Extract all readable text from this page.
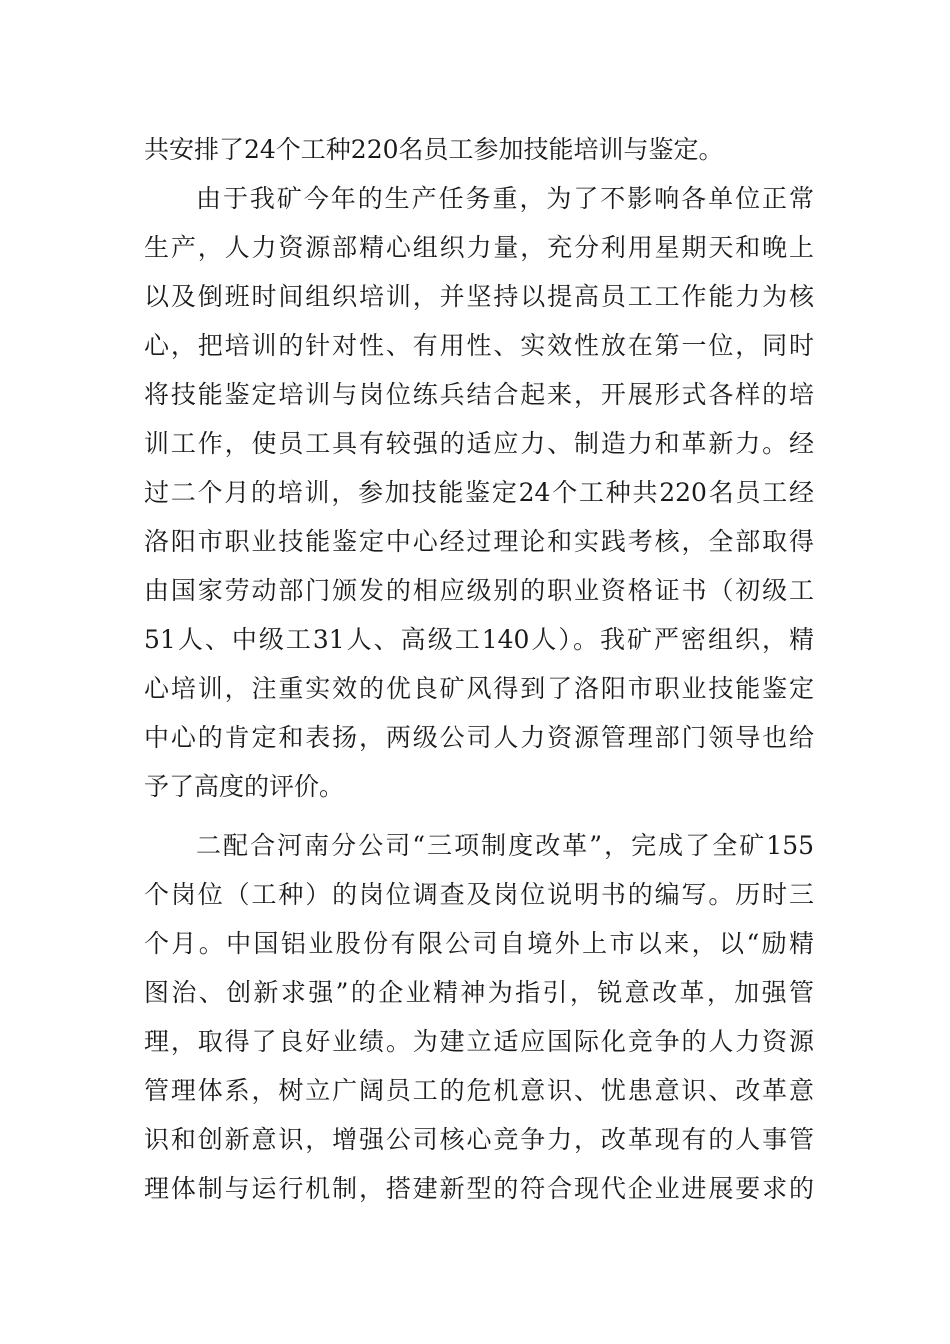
共安排了24个工种220名员工参加技能培训与鉴定。
由于我矿今年的生产任务重，为了不影响各单位正常
生产，人力资源部精心组织力量，充分利用星期天和晚上
以及倒班时间组织培训，并坚持以提高员工工作能力为核
心，把培训的针对性、有用性、实效性放在第一位，同时
将技能鉴定培训与岗位练兵结合起来，开展形式各样的培
训工作，使员工具有较强的适应力、制造力和革新力。经
过二个月的培训，参加技能鉴定24个工种共220名员工经
洛阳市职业技能鉴定中心经过理论和实践考核，全部取得
由国家劳动部门颁发的相应级别的职业资格证书（初级工
51人、中级工31人、高级工140人）。我矿严密组织，精
心培训，注重实效的优良矿风得到了洛阳市职业技能鉴定
中心的肯定和表扬，两级公司人力资源管理部门领导也给
予了高度的评价。
二配合河南分公司“三项制度改革”，完成了全矿155
个岗位（工种）的岗位调查及岗位说明书的编写。历时三
个月。中国铝业股份有限公司自境外上市以来，以“励精
图治、创新求强”的企业精神为指引，锐意改革，加强管
理，取得了良好业绩。为建立适应国际化竞争的人力资源
管理体系，树立广阔员工的危机意识、忧患意识、改革意
识和创新意识，增强公司核心竞争力，改革现有的人事管
理体制与运行机制，搭建新型的符合现代企业进展要求的
